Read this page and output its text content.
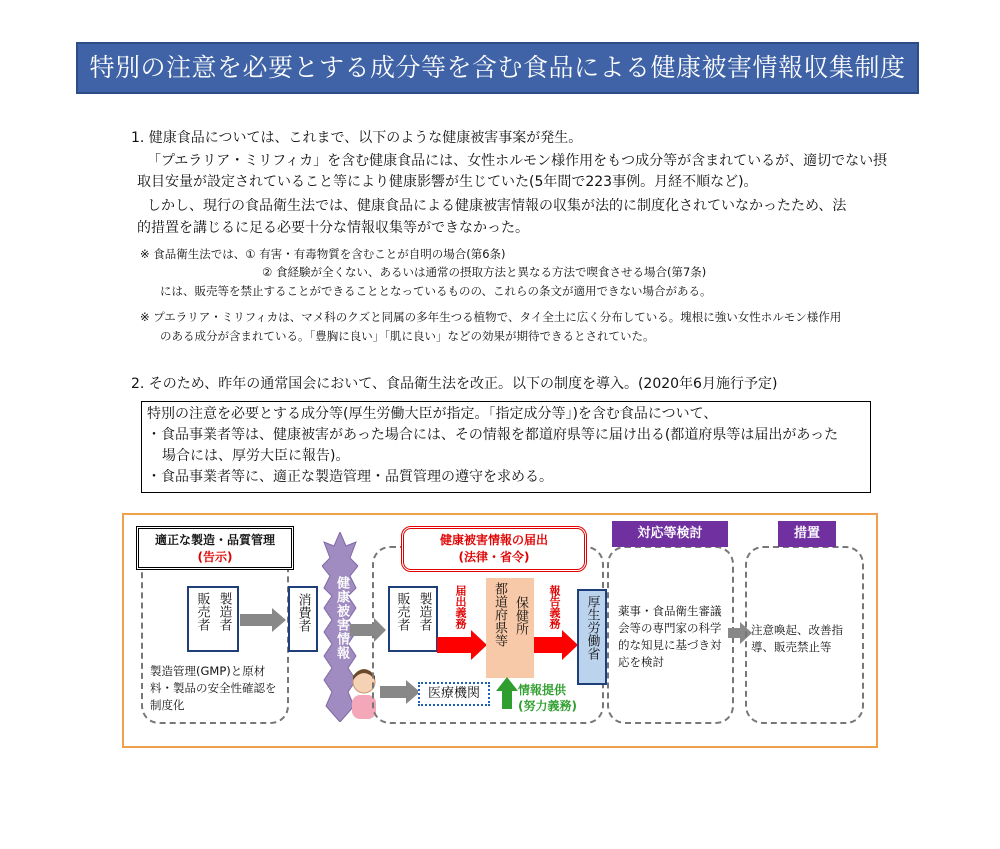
特別の注意を必要とする成分等を含む食品による健康被害情報収集制度の創設
1. 健康食品については、これまで、以下のような健康被害事案が発生。
「プエラリア・ミリフィカ」を含む健康食品には、女性ホルモン様作用をもつ成分等が含まれているが、適切でない摂
取目安量が設定されていること等により健康影響が生じていた(5年間で223事例。月経不順など)。
しかし、現行の食品衛生法では、健康食品による健康被害情報の収集が法的に制度化されていなかったため、法
的措置を講じるに足る必要十分な情報収集等ができなかった。
※ 食品衛生法では、① 有害・有毒物質を含むことが自明の場合(第6条)
② 食経験が全くない、あるいは通常の摂取方法と異なる方法で喫食させる場合(第7条)
には、販売等を禁止することができることとなっているものの、これらの条文が適用できない場合がある。
※ プエラリア・ミリフィカは、マメ科のクズと同属の多年生つる植物で、タイ全土に広く分布している。塊根に強い女性ホルモン様作用
のある成分が含まれている。「豊胸に良い」「肌に良い」などの効果が期待できるとされていた。
2. そのため、昨年の通常国会において、食品衛生法を改正。以下の制度を導入。(2020年6月施行予定)
特別の注意を必要とする成分等(厚生労働大臣が指定。「指定成分等」)を含む食品について、
・食品事業者等は、健康被害があった場合には、その情報を都道府県等に届け出る(都道府県等は届出があった
場合には、厚労大臣に報告)。
・食品事業者等に、適正な製造管理・品質管理の遵守を求める。
適正な製造・品質管理
(告示)
販売者 製造者
製造管理(GMP)と原材料・製品の安全性確認を制度化
消費者	健康被害情報
健康被害情報の届出
(法律・省令)
販売者 製造者 届出義務 都道府県等 保健所 報告義務	厚生労働省
医療機関	情報提供
(努力義務)
対応等検討
薬事・食品衛生審議会等の専門家の科学的な知見に基づき対応を検討
措置
注意喚起、改善指導、販売禁止等
